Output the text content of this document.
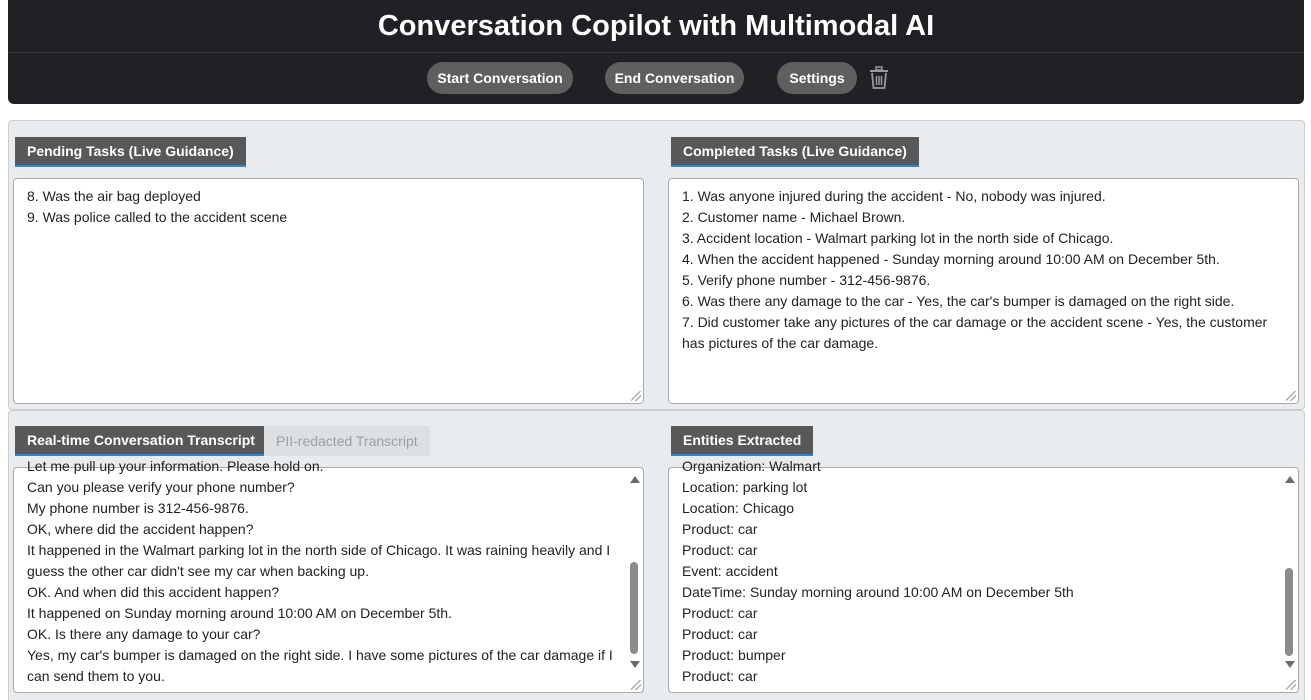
Conversation Copilot with Multimodal AI
Start Conversation	End Conversation	Settings
Pending Tasks (Live Guidance)	Completed Tasks (Live Guidance)
8. Was the air bag deployed
9. Was police called to the accident scene
1. Was anyone injured during the accident - No, nobody was injured.
2. Customer name - Michael Brown.
3. Accident location - Walmart parking lot in the north side of Chicago.
4. When the accident happened - Sunday morning around 10:00 AM on December 5th.
5. Verify phone number - 312-456-9876.
6. Was there any damage to the car - Yes, the car's bumper is damaged on the right side.
7. Did customer take any pictures of the car damage or the accident scene - Yes, the customer has pictures of the car damage.
Real-time Conversation Transcript	PII-redacted Transcript	Entities Extracted
Let me pull up your information. Please hold on.
Can you please verify your phone number?
My phone number is 312-456-9876.
OK, where did the accident happen?
It happened in the Walmart parking lot in the north side of Chicago. It was raining heavily and I guess the other car didn't see my car when backing up.
OK. And when did this accident happen?
It happened on Sunday morning around 10:00 AM on December 5th.
OK. Is there any damage to your car?
Yes, my car's bumper is damaged on the right side. I have some pictures of the car damage if I can send them to you.
Organization: Walmart
Location: parking lot
Location: Chicago
Product: car
Product: car
Event: accident
DateTime: Sunday morning around 10:00 AM on December 5th
Product: car
Product: car
Product: bumper
Product: car
